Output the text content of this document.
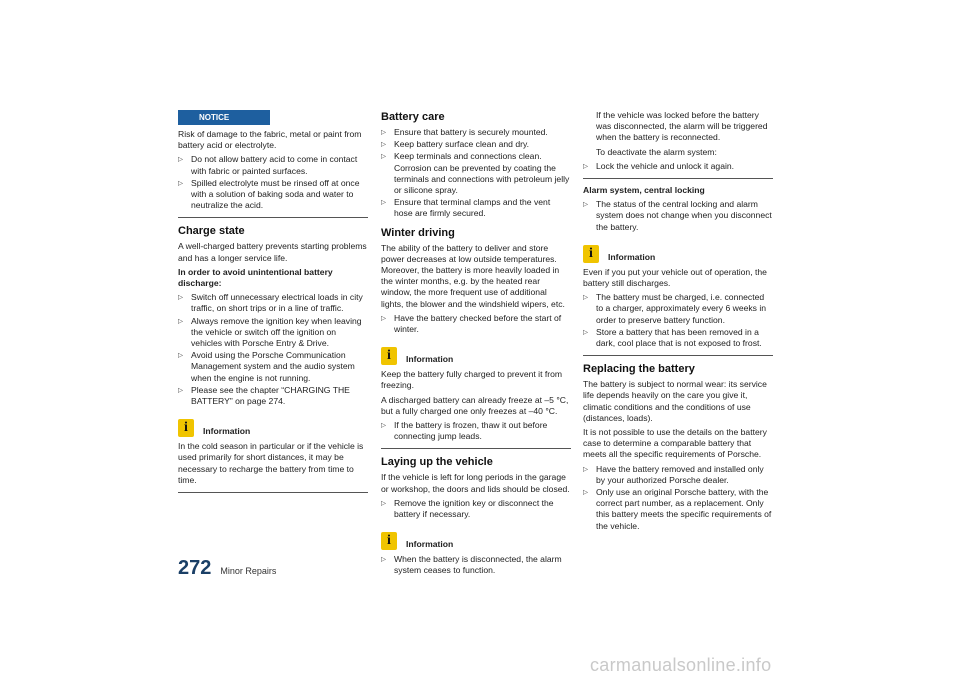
NOTICE

Risk of damage to the fabric, metal or paint from battery acid or electrolyte.

▷ Do not allow battery acid to come in contact with fabric or painted surfaces.
▷ Spilled electrolyte must be rinsed off at once with a solution of baking soda and water to neutralize the acid.
Charge state

A well-charged battery prevents starting problems and has a longer service life.

In order to avoid unintentional battery discharge:

▷ Switch off unnecessary electrical loads in city traffic, on short trips or in a line of traffic.
▷ Always remove the ignition key when leaving the vehicle or switch off the ignition on vehicles with Porsche Entry & Drive.
▷ Avoid using the Porsche Communication Management system and the audio system when the engine is not running.
▷ Please see the chapter “CHARGING THE BATTERY” on page 274.
i	Information

In the cold season in particular or if the vehicle is used primarily for short distances, it may be necessary to recharge the battery from time to time.

Battery care
▷ Ensure that battery is securely mounted.
▷ Keep battery surface clean and dry.
▷ Keep terminals and connections clean. Corrosion can be prevented by coating the terminals and connections with petroleum jelly or silicone spray.
▷ Ensure that terminal clamps and the vent hose are firmly secured.
Winter driving

The ability of the battery to deliver and store power decreases at low outside temperatures. Moreover, the battery is more heavily loaded in the winter months, e.g. by the heated rear window, the more frequent use of additional lights, the blower and the windshield wipers, etc.

▷ Have the battery checked before the start of winter.
i	Information

Keep the battery fully charged to prevent it from freezing.

A discharged battery can already freeze at –5 °C, but a fully charged one only freezes at –40 °C.

▷ If the battery is frozen, thaw it out before connecting jump leads.
Laying up the vehicle

If the vehicle is left for long periods in the garage or workshop, the doors and lids should be closed.

▷ Remove the ignition key or disconnect the battery if necessary.
i	Information
▷ When the battery is disconnected, the alarm system ceases to function.

If the vehicle was locked before the battery was disconnected, the alarm will be triggered when the battery is reconnected.

To deactivate the alarm system:

▷ Lock the vehicle and unlock it again.

Alarm system, central locking

▷ The status of the central locking and alarm system does not change when you disconnect the battery.
i	Information

Even if you put your vehicle out of operation, the battery still discharges.

▷ The battery must be charged, i.e. connected to a charger, approximately every 6 weeks in order to preserve battery function.
▷ Store a battery that has been removed in a dark, cool place that is not exposed to frost.
Replacing the battery

The battery is subject to normal wear: its service life depends heavily on the care you give it, climatic conditions and the conditions of use (distances, loads).

It is not possible to use the details on the battery case to determine a comparable battery that meets all the specific requirements of Porsche.

▷ Have the battery removed and installed only by your authorized Porsche dealer.
▷ Only use an original Porsche battery, with the correct part number, as a replacement. Only this battery meets the specific requirements of the vehicle.
272 Minor Repairs
carmanualsonline.info
